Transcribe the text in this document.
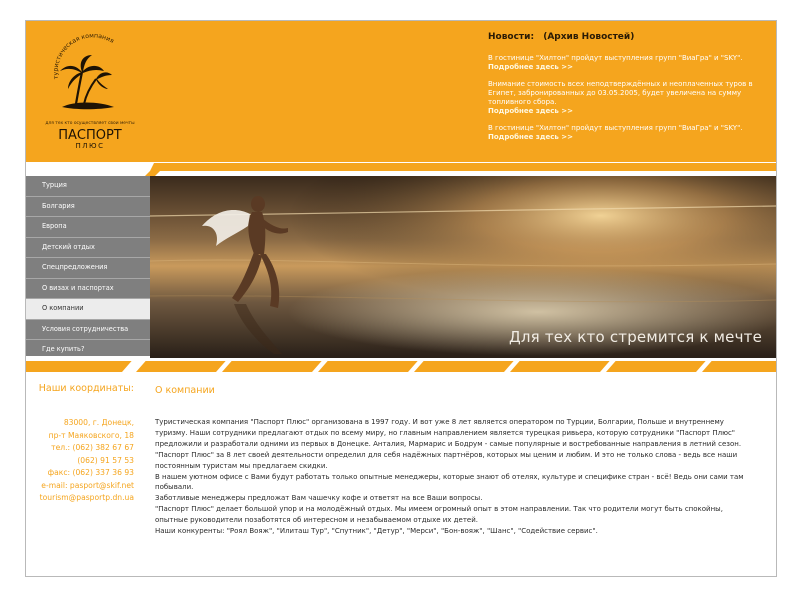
туристическая компания
для тех кто осуществляет свои мечты
ПАСПОРТ
ПЛЮС
Новости: (Архив Новостей)
В гостинице "Хилтон" пройдут выступления групп "ВиаГра" и "SKY".
Подробнее здесь >>
Внимание стоимость всех неподтверждённых и неоплаченных туров в Египет, забронированных до 03.05.2005, будет увеличена на сумму топливного сбора.
Подробнее здесь >>
В гостинице "Хилтон" пройдут выступления групп "ВиаГра" и "SKY".
Подробнее здесь >>
Турция
Болгария
Европа
Детский отдых
Спецпредложения
О визах и паспортах
О компании
Условия сотрудничества
Где купить?
Для тех кто стремится к мечте
Наши координаты:
83000, г. Донецк,
пр-т Маяковского, 18
тел.: (062) 382 67 67
(062) 91 57 53
факс: (062) 337 36 93
e-mail: pasport@skif.net
tourism@pasportp.dn.ua
О компании

Туристическая компания "Паспорт Плюс" организована в 1997 году. И вот уже 8 лет является оператором по Турции, Болгарии, Польше и внутреннему туризму. Наши сотрудники предлагают отдых по всему миру, но главным направлением является турецкая ривьера, которую сотрудники "Паспорт Плюс" предложили и разработали одними из первых в Донецке. Анталия, Мармарис и Бодрум - самые популярные и востребованные направления в летний сезон.

"Паспорт Плюс" за 8 лет своей деятельности определил для себя надёжных партнёров, которых мы ценим и любим. И это не только слова - ведь все наши постоянным туристам мы предлагаем скидки.

В нашем уютном офисе с Вами будут работать только опытные менеджеры, которые знают об отелях, культуре и специфике стран - всё! Ведь они сами там побывали.

Заботливые менеджеры предложат Вам чашечку кофе и ответят на все Ваши вопросы.

"Паспорт Плюс" делает большой упор и на молодёжный отдых. Мы имеем огромный опыт в этом направлении. Так что родители могут быть спокойны, опытные руководители позаботятся об интересном и незабываемом отдыхе их детей.

Наши конкуренты: "Роял Вояж", "Илиташ Тур", "Спутник", "Детур", "Мерси", "Бон-вояж", "Шанс", "Содействие сервис".
